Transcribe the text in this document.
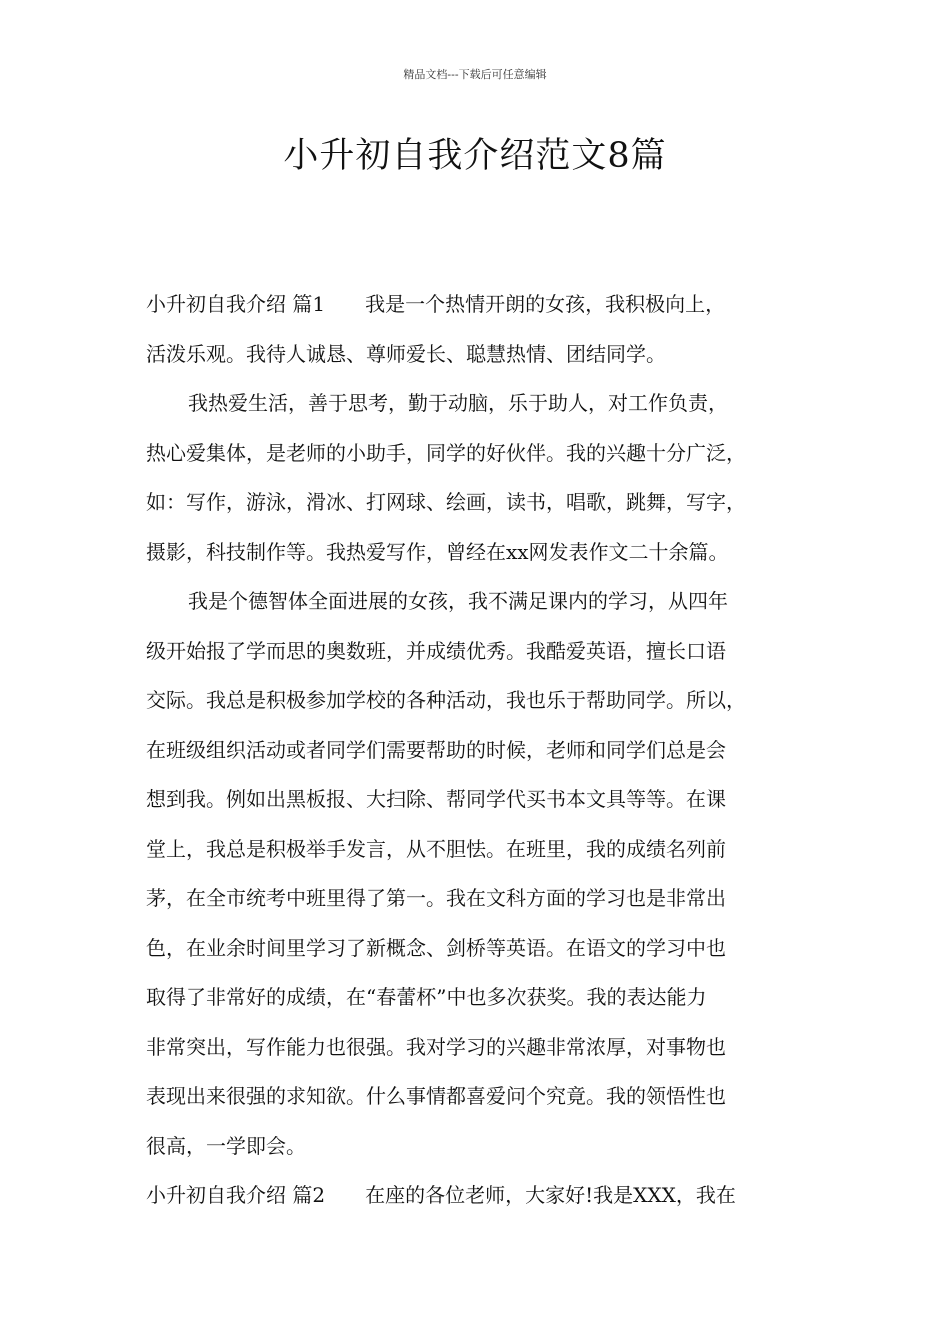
精品文档---下载后可任意编辑
小升初自我介绍范文8篇
小升初自我介绍 篇1　　我是一个热情开朗的女孩，我积极向上，
活泼乐观。我待人诚恳、尊师爱长、聪慧热情、团结同学。
我热爱生活，善于思考，勤于动脑，乐于助人，对工作负责，
热心爱集体，是老师的小助手，同学的好伙伴。我的兴趣十分广泛，
如：写作，游泳，滑冰、打网球、绘画，读书，唱歌，跳舞，写字，
摄影，科技制作等。我热爱写作，曾经在xx网发表作文二十余篇。
我是个德智体全面进展的女孩，我不满足课内的学习，从四年
级开始报了学而思的奥数班，并成绩优秀。我酷爱英语，擅长口语
交际。我总是积极参加学校的各种活动，我也乐于帮助同学。所以，
在班级组织活动或者同学们需要帮助的时候，老师和同学们总是会
想到我。例如出黑板报、大扫除、帮同学代买书本文具等等。在课
堂上，我总是积极举手发言，从不胆怯。在班里，我的成绩名列前
茅，在全市统考中班里得了第一。我在文科方面的学习也是非常出
色，在业余时间里学习了新概念、剑桥等英语。在语文的学习中也
取得了非常好的成绩，在“春蕾杯”中也多次获奖。我的表达能力
非常突出，写作能力也很强。我对学习的兴趣非常浓厚，对事物也
表现出来很强的求知欲。什么事情都喜爱问个究竟。我的领悟性也
很高，一学即会。
小升初自我介绍 篇2　　在座的各位老师，大家好!我是XXX，我在
